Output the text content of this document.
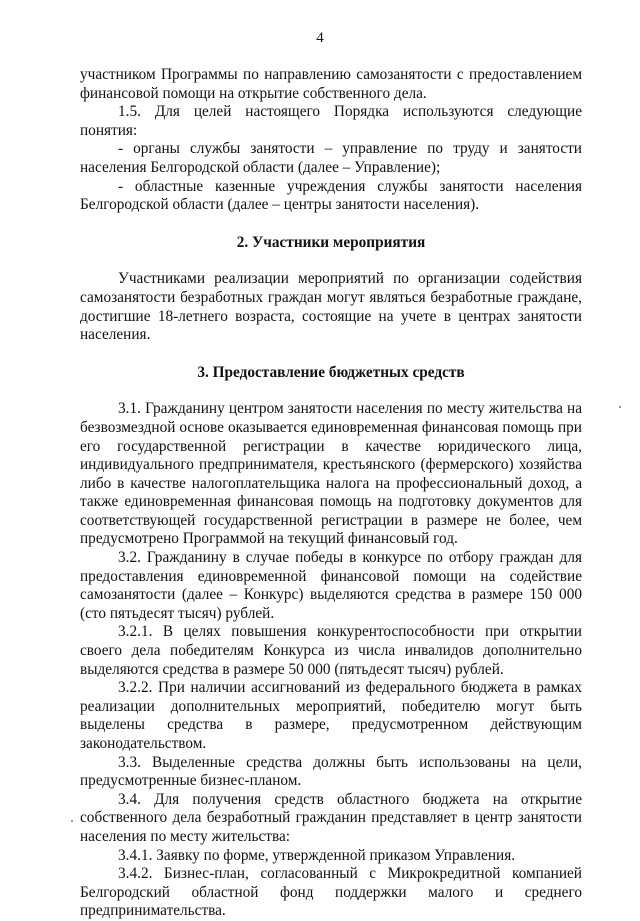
4

участником Программы по направлению самозанятости с предоставлением финансовой помощи на открытие собственного дела.

1.5. Для целей настоящего Порядка используются следующие понятия:

- органы службы занятости – управление по труду и занятости населения Белгородской области (далее – Управление);

- областные казенные учреждения службы занятости населения Белгородской области (далее – центры занятости населения).

2. Участники мероприятия

Участниками реализации мероприятий по организации содействия самозанятости безработных граждан могут являться безработные граждане, достигшие 18-летнего возраста, состоящие на учете в центрах занятости населения.

3. Предоставление бюджетных средств

3.1. Гражданину центром занятости населения по месту жительства на безвозмездной основе оказывается единовременная финансовая помощь при его государственной регистрации в качестве юридического лица, индивидуального предпринимателя, крестьянского (фермерского) хозяйства либо в качестве налогоплательщика налога на профессиональный доход, а также единовременная финансовая помощь на подготовку документов для соответствующей государственной регистрации в размере не более, чем предусмотрено Программой на текущий финансовый год.

3.2. Гражданину в случае победы в конкурсе по отбору граждан для предоставления единовременной финансовой помощи на содействие самозанятости (далее – Конкурс) выделяются средства в размере 150 000 (сто пятьдесят тысяч) рублей.

3.2.1. В целях повышения конкурентоспособности при открытии своего дела победителям Конкурса из числа инвалидов дополнительно выделяются средства в размере 50 000 (пятьдесят тысяч) рублей.

3.2.2. При наличии ассигнований из федерального бюджета в рамках реализации дополнительных мероприятий, победителю могут быть выделены средства в размере, предусмотренном действующим законодательством.

3.3. Выделенные средства должны быть использованы на цели, предусмотренные бизнес-планом.

3.4. Для получения средств областного бюджета на открытие собственного дела безработный гражданин представляет в центр занятости населения по месту жительства:

3.4.1. Заявку по форме, утвержденной приказом Управления.

3.4.2. Бизнес-план, согласованный с Микрокредитной компанией Белгородский областной фонд поддержки малого и среднего предпринимательства.
